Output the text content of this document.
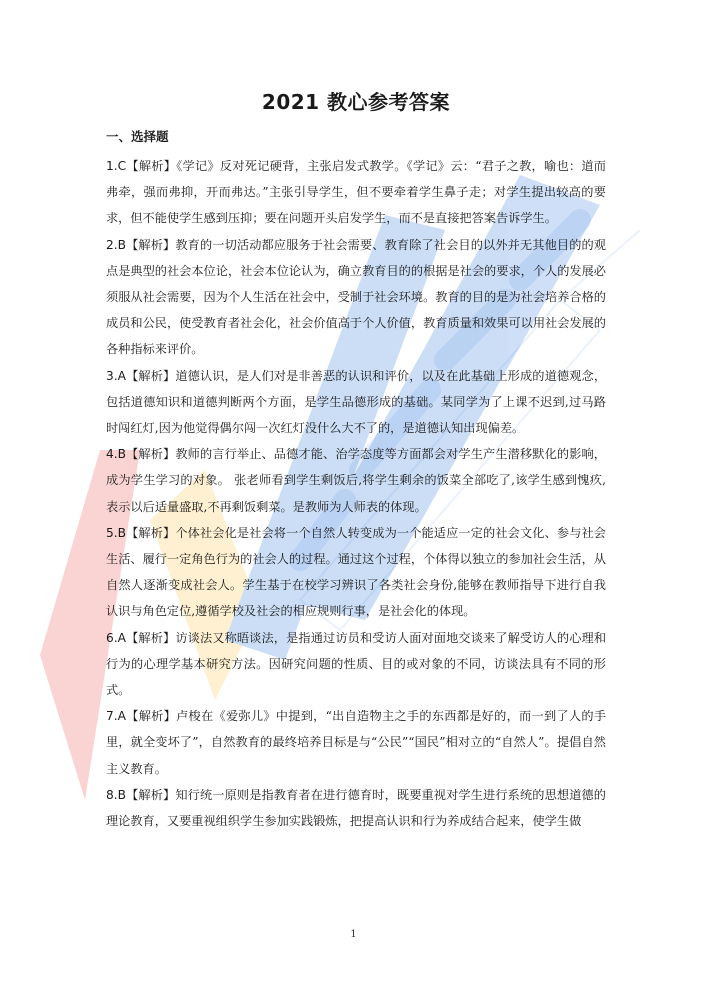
2021 教心参考答案
一、选择题

1.C【解析】《学记》反对死记硬背，主张启发式教学。《学记》云：“君子之教，喻也：道而弗牵，强而弗抑，开而弗达。”主张引导学生，但不要牵着学生鼻子走；对学生提出较高的要求，但不能使学生感到压抑；要在问题开头启发学生，而不是直接把答案告诉学生。

2.B【解析】教育的一切活动都应服务于社会需要、教育除了社会目的以外并无其他目的的观点是典型的社会本位论，社会本位论认为，确立教育目的的根据是社会的要求，个人的发展必须服从社会需要，因为个人生活在社会中，受制于社会环境。教育的目的是为社会培养合格的成员和公民，使受教育者社会化，社会价值高于个人价值，教育质量和效果可以用社会发展的各种指标来评价。

3.A【解析】道德认识，是人们对是非善恶的认识和评价，以及在此基础上形成的道德观念，包括道德知识和道德判断两个方面，是学生品德形成的基础。某同学为了上课不迟到,过马路时闯红灯,因为他觉得偶尔闯一次红灯没什么大不了的，是道德认知出现偏差。

4.B【解析】教师的言行举止、品德才能、治学态度等方面都会对学生产生潜移默化的影响，成为学生学习的对象。 张老师看到学生剩饭后,将学生剩余的饭菜全部吃了,该学生感到愧疚,表示以后适量盛取,不再剩饭剩菜。是教师为人师表的体现。

5.B【解析】个体社会化是社会将一个自然人转变成为一个能适应一定的社会文化、参与社会生活、履行一定角色行为的社会人的过程。通过这个过程，个体得以独立的参加社会生活，从自然人逐渐变成社会人。学生基于在校学习辨识了各类社会身份,能够在教师指导下进行自我认识与角色定位,遵循学校及社会的相应规则行事，是社会化的体现。

6.A【解析】访谈法又称晤谈法，是指通过访员和受访人面对面地交谈来了解受访人的心理和行为的心理学基本研究方法。因研究问题的性质、目的或对象的不同，访谈法具有不同的形式。

7.A【解析】卢梭在《爱弥儿》中提到，“出自造物主之手的东西都是好的，而一到了人的手里，就全变坏了”，自然教育的最终培养目标是与“公民”“国民”相对立的“自然人”。提倡自然主义教育。

8.B【解析】知行统一原则是指教育者在进行德育时，既要重视对学生进行系统的思想道德的理论教育，又要重视组织学生参加实践锻炼，把提高认识和行为养成结合起来，使学生做

1
